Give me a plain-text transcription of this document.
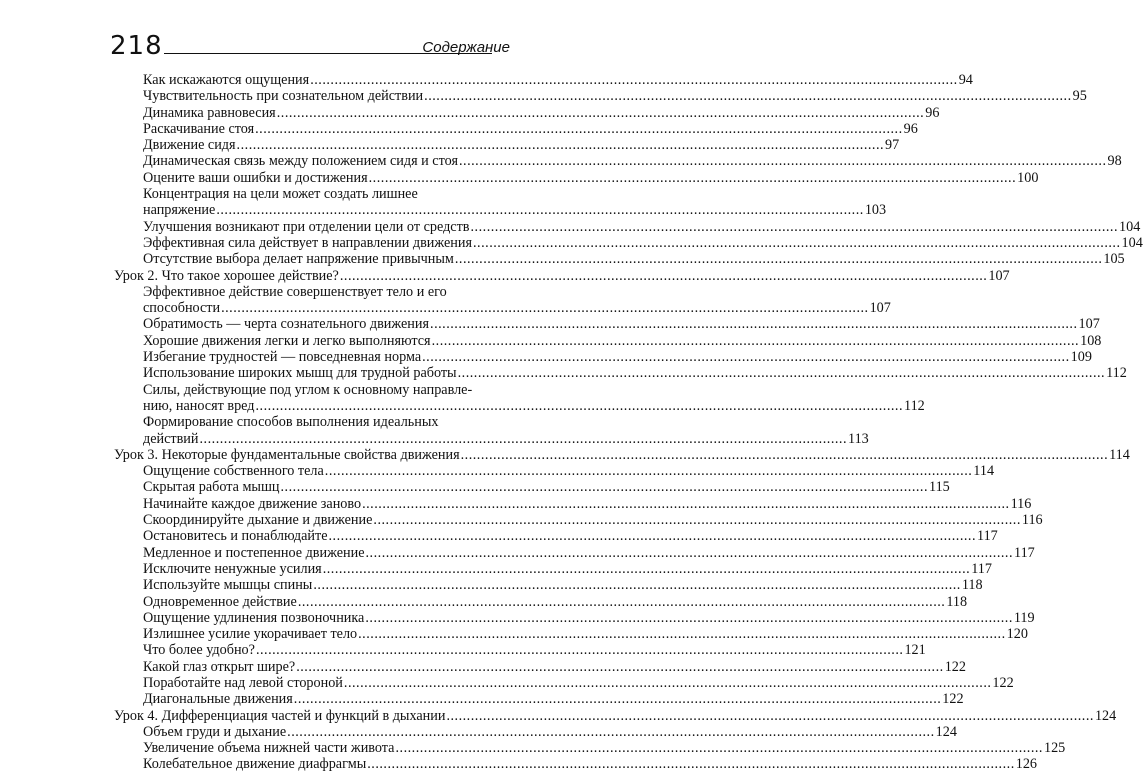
218	Содержание
Как искажаются ощущения .....	94
Чувствительность при сознательном действии .....	95
Динамика равновесия .....	96
Раскачивание стоя .....	96
Движение сидя .....	97
Динамическая связь между положением сидя и стоя .....	98
Оцените ваши ошибки и достижения .....	100
Концентрация на цели может создать лишнее
напряжение .....	103
Улучшения возникают при отделении цели от средств .....	104
Эффективная сила действует в направлении движения .....	104
Отсутствие выбора делает напряжение привычным .....	105
Урок 2. Что такое хорошее действие? .....	107
Эффективное действие совершенствует тело и его
способности .....	107
Обратимость — черта сознательного движения .....	107
Хорошие движения легки и легко выполняются .....	108
Избегание трудностей — повседневная норма .....	109
Использование широких мышц для трудной работы .....	112
Силы, действующие под углом к основному направле-
нию, наносят вред .....	112
Формирование способов выполнения идеальных
действий .....	113
Урок 3. Некоторые фундаментальные свойства движения .....	114
Ощущение собственного тела .....	114
Скрытая работа мышц .....	115
Начинайте каждое движение заново .....	116
Скоординируйте дыхание и движение .....	116
Остановитесь и понаблюдайте .....	117
Медленное и постепенное движение .....	117
Исключите ненужные усилия .....	117
Используйте мышцы спины .....	118
Одновременное действие .....	118
Ощущение удлинения позвоночника .....	119
Излишнее усилие укорачивает тело .....	120
Что более удобно? .....	121
Какой глаз открыт шире? .....	122
Поработайте над левой стороной .....	122
Диагональные движения .....	122
Урок 4. Дифференциация частей и функций в дыхании .....	124
Объем груди и дыхание .....	124
Увеличение объема нижней части живота .....	125
Колебательное движение диафрагмы .....	126
